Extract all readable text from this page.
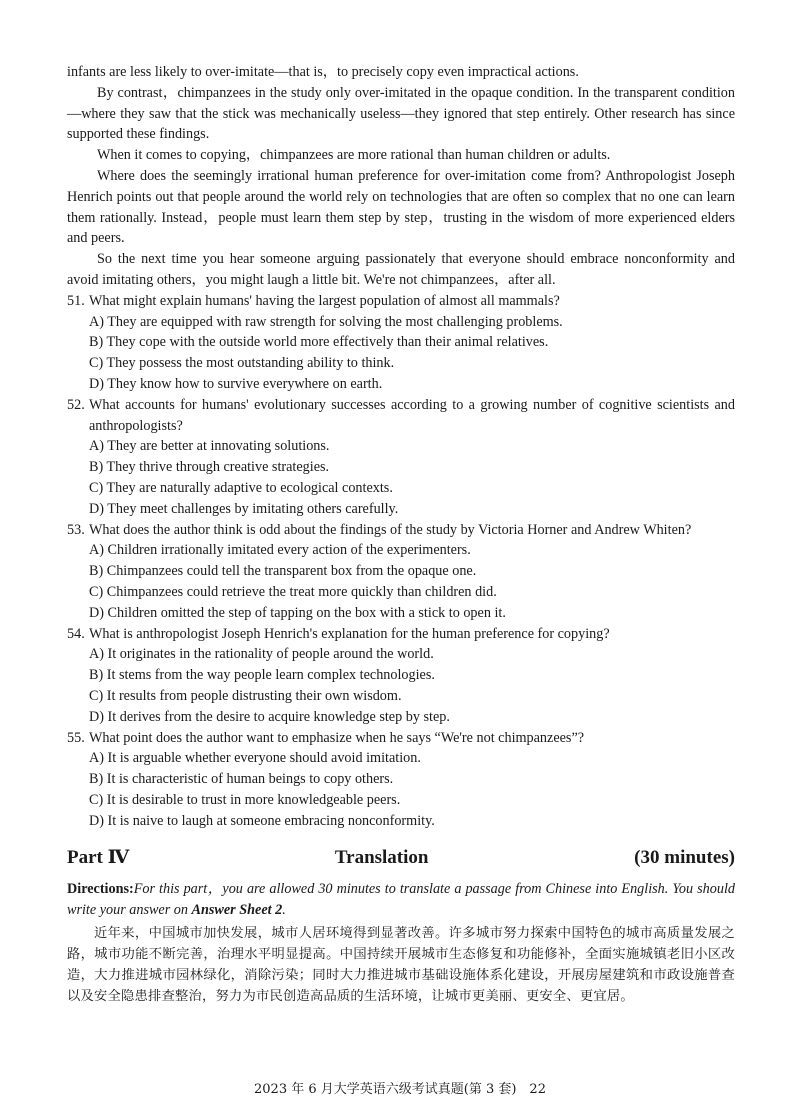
infants are less likely to over-imitate—that is，to precisely copy even impractical actions.

By contrast，chimpanzees in the study only over-imitated in the opaque condition. In the transparent condition—where they saw that the stick was mechanically useless—they ignored that step entirely. Other research has since supported these findings.

When it comes to copying，chimpanzees are more rational than human children or adults.

Where does the seemingly irrational human preference for over-imitation come from? Anthropologist Joseph Henrich points out that people around the world rely on technologies that are often so complex that no one can learn them rationally. Instead，people must learn them step by step，trusting in the wisdom of more experienced elders and peers.

So the next time you hear someone arguing passionately that everyone should embrace nonconformity and avoid imitating others，you might laugh a little bit. We're not chimpanzees，after all.

51. What might explain humans' having the largest population of almost all mammals?

A) They are equipped with raw strength for solving the most challenging problems.

B) They cope with the outside world more effectively than their animal relatives.

C) They possess the most outstanding ability to think.

D) They know how to survive everywhere on earth.

52. What accounts for humans' evolutionary successes according to a growing number of cognitive scientists and anthropologists?

A) They are better at innovating solutions.

B) They thrive through creative strategies.

C) They are naturally adaptive to ecological contexts.

D) They meet challenges by imitating others carefully.

53. What does the author think is odd about the findings of the study by Victoria Horner and Andrew Whiten?

A) Children irrationally imitated every action of the experimenters.

B) Chimpanzees could tell the transparent box from the opaque one.

C) Chimpanzees could retrieve the treat more quickly than children did.

D) Children omitted the step of tapping on the box with a stick to open it.

54. What is anthropologist Joseph Henrich's explanation for the human preference for copying?

A) It originates in the rationality of people around the world.

B) It stems from the way people learn complex technologies.

C) It results from people distrusting their own wisdom.

D) It derives from the desire to acquire knowledge step by step.

55. What point does the author want to emphasize when he says “We're not chimpanzees”?

A) It is arguable whether everyone should avoid imitation.

B) It is characteristic of human beings to copy others.

C) It is desirable to trust in more knowledgeable peers.

D) It is naive to laugh at someone embracing nonconformity.

Part Ⅳ	Translation	(30 minutes)

Directions:For this part，you are allowed 30 minutes to translate a passage from Chinese into English. You should write your answer on Answer Sheet 2.

近年来，中国城市加快发展，城市人居环境得到显著改善。许多城市努力探索中国特色的城市高质量发展之路，城市功能不断完善，治理水平明显提高。中国持续开展城市生态修复和功能修补，全面实施城镇老旧小区改造，大力推进城市园林绿化，消除污染；同时大力推进城市基础设施体系化建设，开展房屋建筑和市政设施普查以及安全隐患排查整治，努力为市民创造高品质的生活环境，让城市更美丽、更安全、更宜居。

2023 年 6 月大学英语六级考试真题(第 3 套)　22
